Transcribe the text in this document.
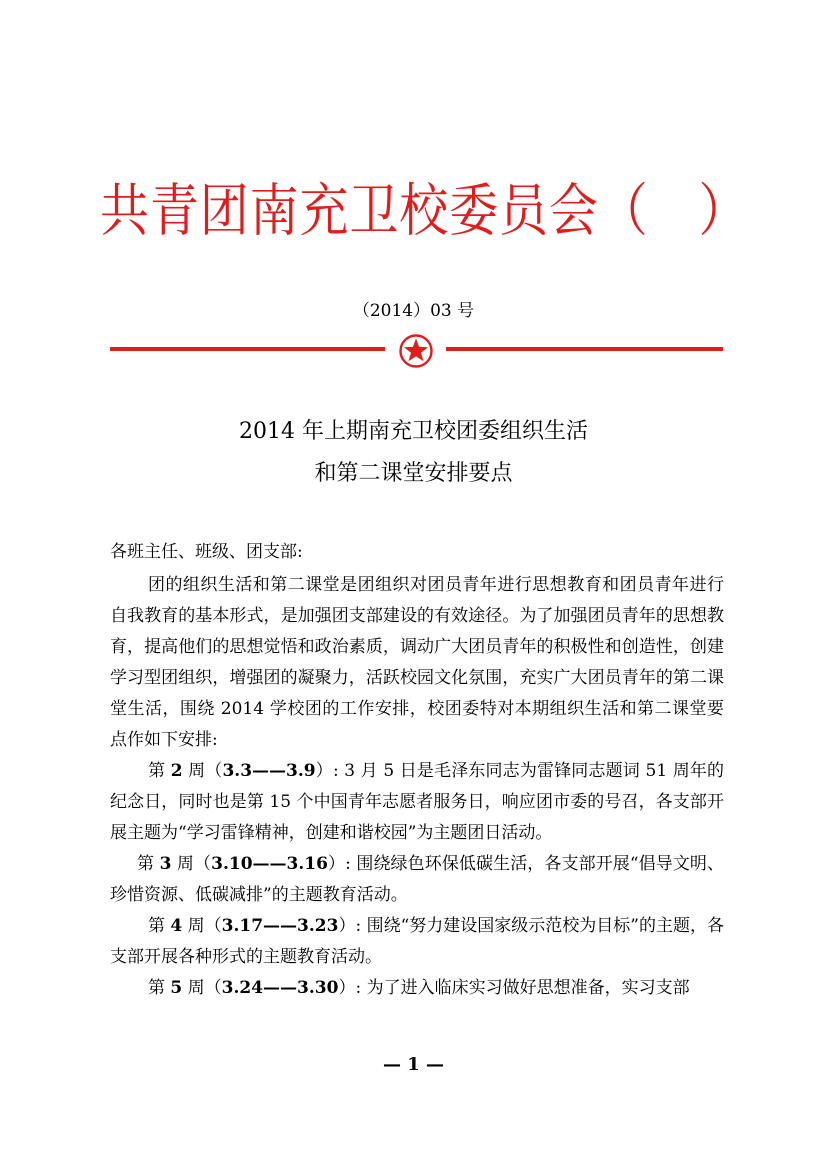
共青团南充卫校委员会（　）
（2014）03 号
2014 年上期南充卫校团委组织生活
和第二课堂安排要点

各班主任、班级、团支部:

团的组织生活和第二课堂是团组织对团员青年进行思想教育和团员青年进行自我教育的基本形式，是加强团支部建设的有效途径。为了加强团员青年的思想教育，提高他们的思想觉悟和政治素质，调动广大团员青年的积极性和创造性，创建学习型团组织，增强团的凝聚力，活跃校园文化氛围，充实广大团员青年的第二课堂生活，围绕 2014 学校团的工作安排，校团委特对本期组织生活和第二课堂要点作如下安排:

第 2 周（3.3——3.9）: 3 月 5 日是毛泽东同志为雷锋同志题词 51 周年的纪念日，同时也是第 15 个中国青年志愿者服务日，响应团市委的号召，各支部开展主题为“学习雷锋精神，创建和谐校园”为主题团日活动。

第 3 周（3.10——3.16）: 围绕绿色环保低碳生活，各支部开展“倡导文明、珍惜资源、低碳减排”的主题教育活动。

第 4 周（3.17——3.23）: 围绕“努力建设国家级示范校为目标”的主题，各支部开展各种形式的主题教育活动。

第 5 周（3.24——3.30）: 为了进入临床实习做好思想准备，实习支部

— 1 —
